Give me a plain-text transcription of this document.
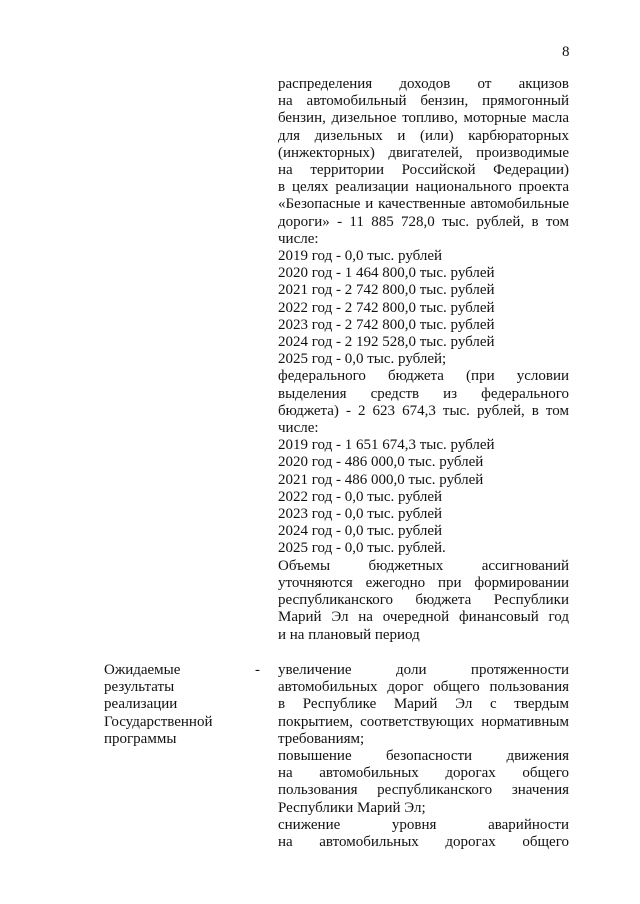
8
распределения доходов от акцизов
на автомобильный бензин, прямогонный
бензин, дизельное топливо, моторные масла
для дизельных и (или) карбюраторных
(инжекторных) двигателей, производимые
на территории Российской Федерации)
в целях реализации национального проекта
«Безопасные и качественные автомобильные
дороги» - 11 885 728,0 тыс. рублей, в том
числе:
2019 год - 0,0 тыс. рублей
2020 год - 1 464 800,0 тыс. рублей
2021 год - 2 742 800,0 тыс. рублей
2022 год - 2 742 800,0 тыс. рублей
2023 год - 2 742 800,0 тыс. рублей
2024 год - 2 192 528,0 тыс. рублей
2025 год - 0,0 тыс. рублей;
федерального бюджета (при условии
выделения средств из федерального
бюджета) - 2 623 674,3 тыс. рублей, в том
числе:
2019 год - 1 651 674,3 тыс. рублей
2020 год - 486 000,0 тыс. рублей
2021 год - 486 000,0 тыс. рублей
2022 год - 0,0 тыс. рублей
2023 год - 0,0 тыс. рублей
2024 год - 0,0 тыс. рублей
2025 год - 0,0 тыс. рублей.
Объемы бюджетных ассигнований
уточняются ежегодно при формировании
республиканского бюджета Республики
Марий Эл на очередной финансовый год
и на плановый период
Ожидаемые
результаты
реализации
Государственной
программы
- увеличение доли протяженности
автомобильных дорог общего пользования
в Республике Марий Эл с твердым
покрытием, соответствующих нормативным
требованиям;
повышение безопасности движения
на автомобильных дорогах общего
пользования республиканского значения
Республики Марий Эл;
снижение уровня аварийности
на автомобильных дорогах общего
